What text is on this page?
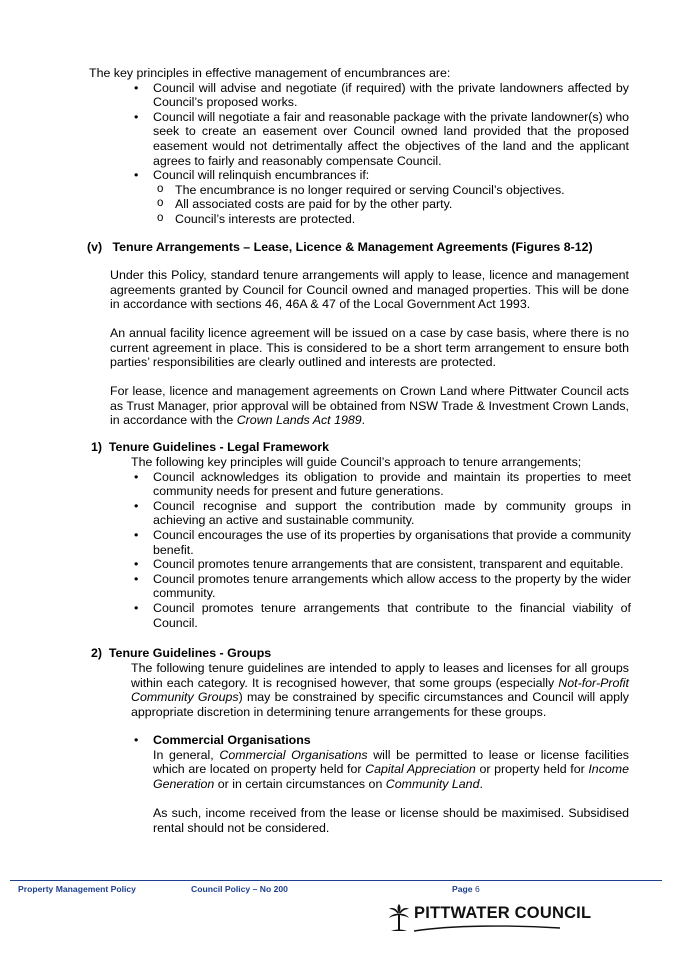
The key principles in effective management of encumbrances are:

• Council will advise and negotiate (if required) with the private landowners affected by Council’s proposed works.
• Council will negotiate a fair and reasonable package with the private landowner(s) who seek to create an easement over Council owned land provided that the proposed easement would not detrimentally affect the objectives of the land and the applicant agrees to fairly and reasonably compensate Council.
• Council will relinquish encumbrances if:
o The encumbrance is no longer required or serving Council’s objectives.
o All associated costs are paid for by the other party.
o Council’s interests are protected.
(v)   Tenure Arrangements – Lease, Licence & Management Agreements (Figures 8-12)
Under this Policy, standard tenure arrangements will apply to lease, licence and management agreements granted by Council for Council owned and managed properties. This will be done in accordance with sections 46, 46A & 47 of the Local Government Act 1993.
An annual facility licence agreement will be issued on a case by case basis, where there is no current agreement in place. This is considered to be a short term arrangement to ensure both parties’ responsibilities are clearly outlined and interests are protected.
For lease, licence and management agreements on Crown Land where Pittwater Council acts as Trust Manager, prior approval will be obtained from NSW Trade & Investment Crown Lands, in accordance with the Crown Lands Act 1989.
1)  Tenure Guidelines - Legal Framework

The following key principles will guide Council’s approach to tenure arrangements;

• Council acknowledges its obligation to provide and maintain its properties to meet community needs for present and future generations.
• Council recognise and support the contribution made by community groups in achieving an active and sustainable community.
• Council encourages the use of its properties by organisations that provide a community benefit.
• Council promotes tenure arrangements that are consistent, transparent and equitable.
• Council promotes tenure arrangements which allow access to the property by the wider community.
• Council promotes tenure arrangements that contribute to the financial viability of Council.
2)  Tenure Guidelines - Groups
The following tenure guidelines are intended to apply to leases and licenses for all groups within each category. It is recognised however, that some groups (especially Not-for-Profit Community Groups) may be constrained by specific circumstances and Council will apply appropriate discretion in determining tenure arrangements for these groups.
• Commercial Organisations

In general, Commercial Organisations will be permitted to lease or license facilities which are located on property held for Capital Appreciation or property held for Income Generation or in certain circumstances on Community Land.

As such, income received from the lease or license should be maximised. Subsidised rental should not be considered.

Property Management Policy	Council Policy – No 200	Page 6
PITTWATER COUNCIL
